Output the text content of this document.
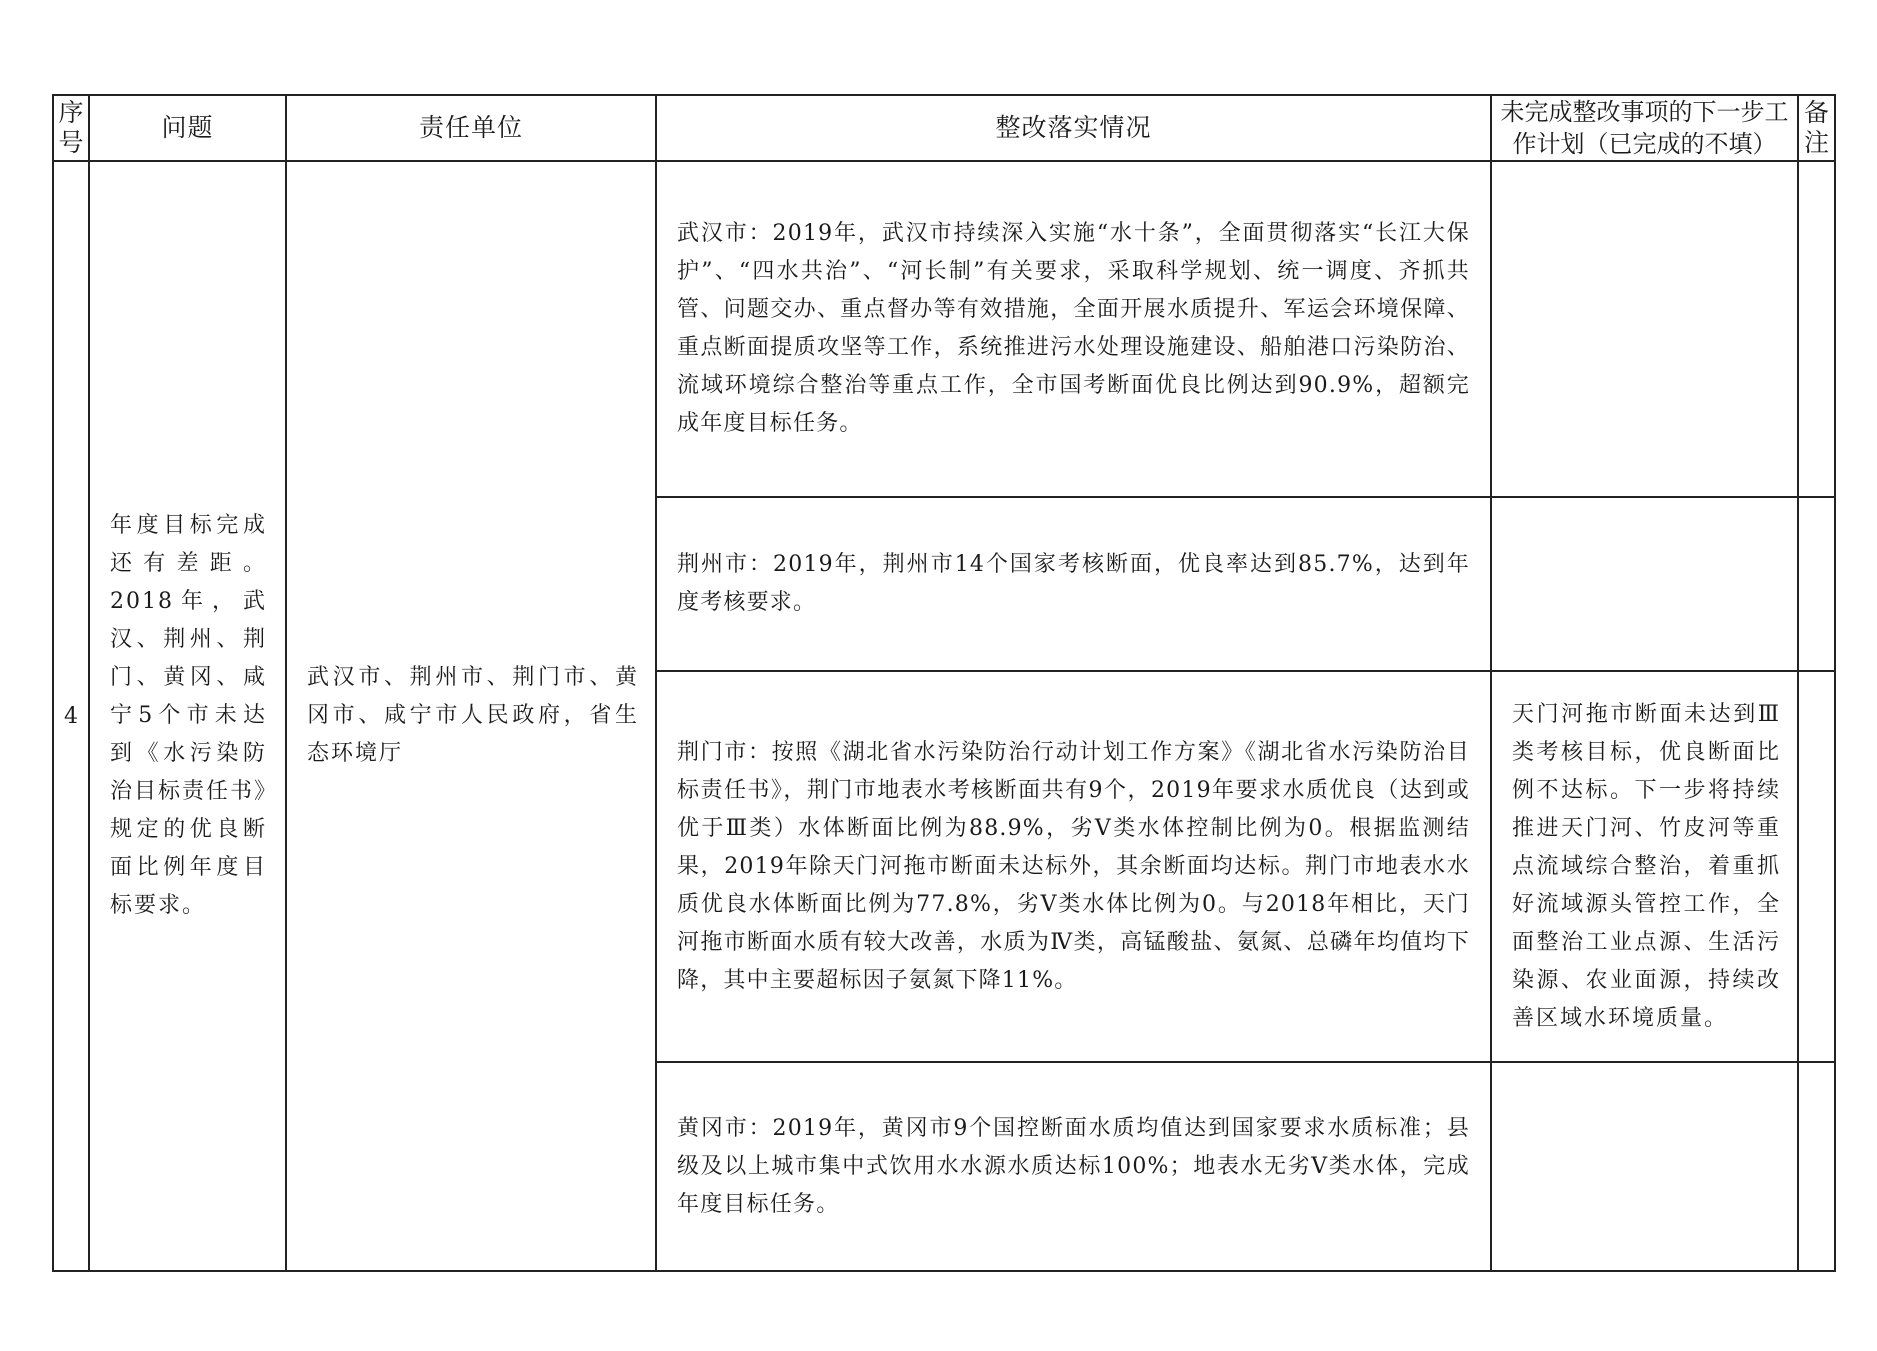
序号	问题	责任单位	整改落实情况	未完成整改事项的下一步工作计划（已完成的不填）	备注
4	年度目标完成还有差距。2018年，武汉、荆州、荆门、黄冈、咸宁5个市未达到《水污染防治目标责任书》规定的优良断面比例年度目标要求。	武汉市、荆州市、荆门市、黄冈市、咸宁市人民政府，省生态环境厅	武汉市：2019年，武汉市持续深入实施“水十条”，全面贯彻落实“长江大保护”、“四水共治”、“河长制”有关要求，采取科学规划、统一调度、齐抓共管、问题交办、重点督办等有效措施，全面开展水质提升、军运会环境保障、重点断面提质攻坚等工作，系统推进污水处理设施建设、船舶港口污染防治、流域环境综合整治等重点工作，全市国考断面优良比例达到90.9%，超额完成年度目标任务。		
			荆州市：2019年，荆州市14个国家考核断面，优良率达到85.7%，达到年度考核要求。		
			荆门市：按照《湖北省水污染防治行动计划工作方案》《湖北省水污染防治目标责任书》，荆门市地表水考核断面共有9个，2019年要求水质优良（达到或优于Ⅲ类）水体断面比例为88.9%，劣Ⅴ类水体控制比例为0。根据监测结果，2019年除天门河拖市断面未达标外，其余断面均达标。荆门市地表水水质优良水体断面比例为77.8%，劣Ⅴ类水体比例为0。与2018年相比，天门河拖市断面水质有较大改善，水质为Ⅳ类，高锰酸盐、氨氮、总磷年均值均下降，其中主要超标因子氨氮下降11%。	天门河拖市断面未达到Ⅲ类考核目标，优良断面比例不达标。下一步将持续推进天门河、竹皮河等重点流域综合整治，着重抓好流域源头管控工作，全面整治工业点源、生活污染源、农业面源，持续改善区域水环境质量。	
			黄冈市：2019年，黄冈市9个国控断面水质均值达到国家要求水质标准；县级及以上城市集中式饮用水水源水质达标100%；地表水无劣Ⅴ类水体，完成年度目标任务。		
